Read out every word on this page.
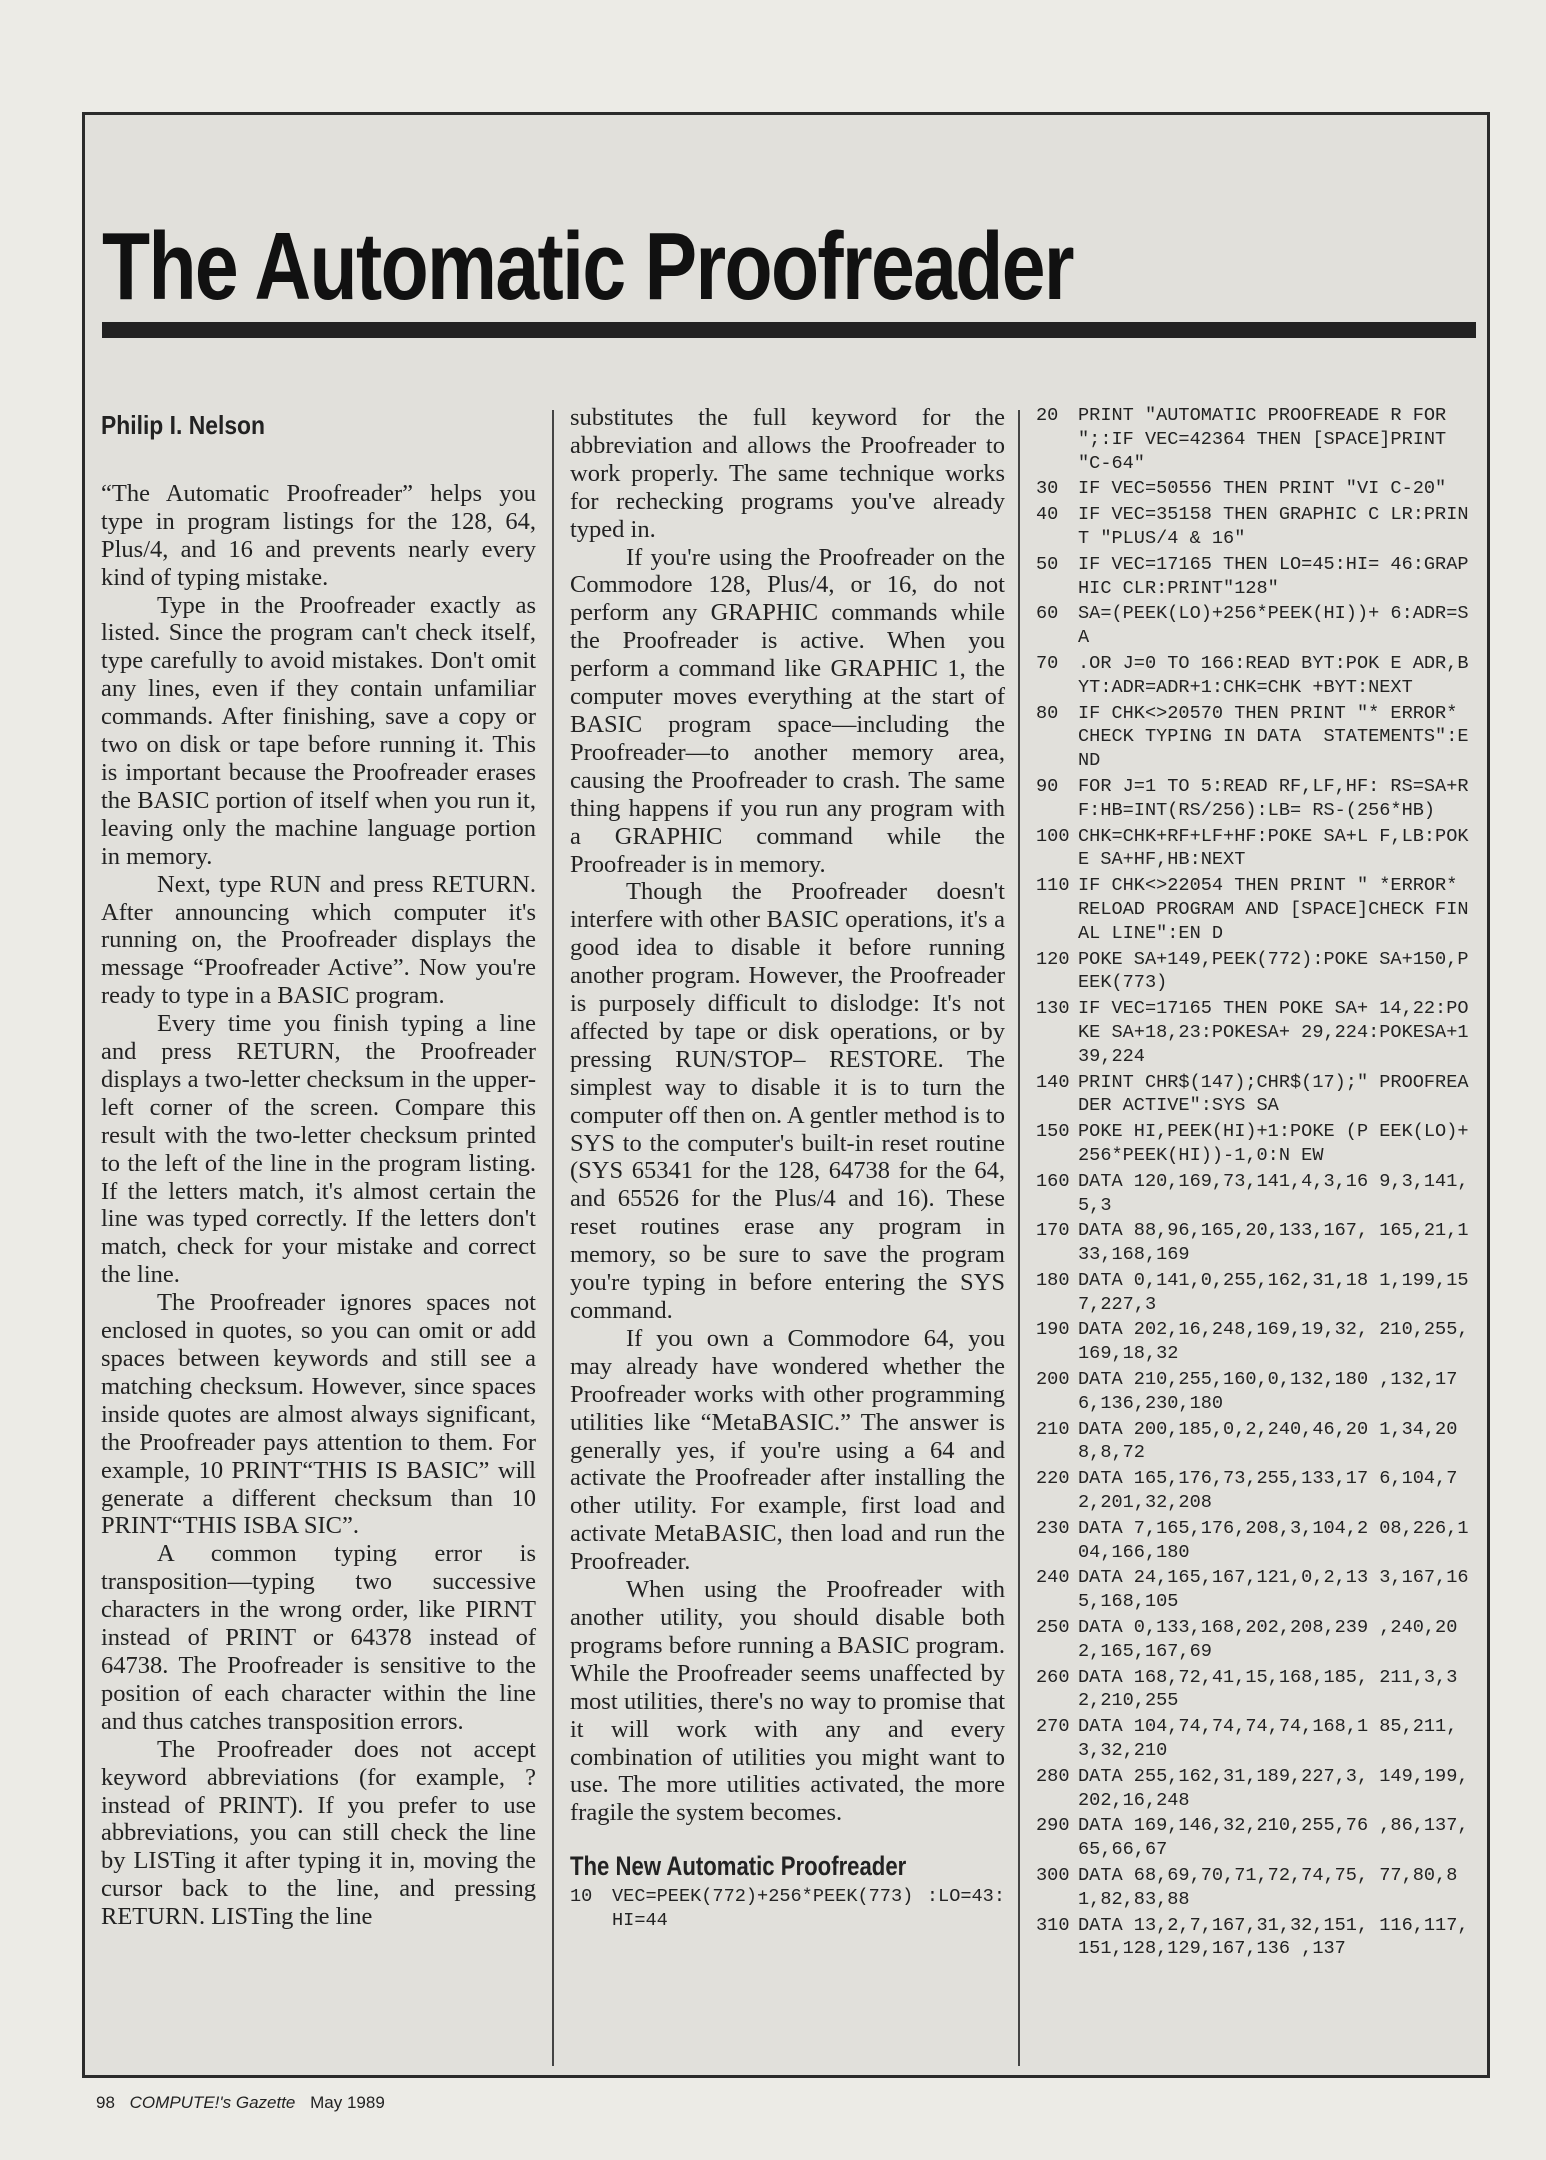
The Automatic Proofreader
Philip I. Nelson

“The Automatic Proofreader” helps you type in program listings for the 128, 64, Plus/4, and 16 and prevents nearly every kind of typing mistake.

Type in the Proofreader exactly as listed. Since the program can't check itself, type carefully to avoid mistakes. Don't omit any lines, even if they contain unfamiliar commands. After finishing, save a copy or two on disk or tape before running it. This is important because the Proofreader erases the BASIC portion of itself when you run it, leaving only the machine language portion in memory.

Next, type RUN and press RETURN. After announcing which computer it's running on, the Proofreader displays the message “Proofreader Active”. Now you're ready to type in a BASIC program.

Every time you finish typing a line and press RETURN, the Proofreader displays a two-letter checksum in the upper-left corner of the screen. Compare this result with the two-letter checksum printed to the left of the line in the program listing. If the letters match, it's almost certain the line was typed correctly. If the letters don't match, check for your mistake and correct the line.

The Proofreader ignores spaces not enclosed in quotes, so you can omit or add spaces between keywords and still see a matching checksum. However, since spaces inside quotes are almost always significant, the Proofreader pays attention to them. For example, 10 PRINT“THIS IS BASIC” will generate a different checksum than 10 PRINT“THIS ISBA SIC”.

A common typing error is transposition—typing two successive characters in the wrong order, like PIRNT instead of PRINT or 64378 instead of 64738. The Proofreader is sensitive to the position of each character within the line and thus catches transposition errors.

The Proofreader does not accept keyword abbreviations (for example, ? instead of PRINT). If you prefer to use abbreviations, you can still check the line by LISTing it after typing it in, moving the cursor back to the line, and pressing RETURN. LISTing the line

substitutes the full keyword for the abbreviation and allows the Proofreader to work properly. The same technique works for rechecking programs you've already typed in.

If you're using the Proofreader on the Commodore 128, Plus/4, or 16, do not perform any GRAPHIC commands while the Proofreader is active. When you perform a command like GRAPHIC 1, the computer moves everything at the start of BASIC program space—including the Proofreader—to another memory area, causing the Proofreader to crash. The same thing happens if you run any program with a GRAPHIC command while the Proofreader is in memory.

Though the Proofreader doesn't interfere with other BASIC operations, it's a good idea to disable it before running another program. However, the Proofreader is purposely difficult to dislodge: It's not affected by tape or disk operations, or by pressing RUN/STOP– RESTORE. The simplest way to disable it is to turn the computer off then on. A gentler method is to SYS to the computer's built-in reset routine (SYS 65341 for the 128, 64738 for the 64, and 65526 for the Plus/4 and 16). These reset routines erase any program in memory, so be sure to save the program you're typing in before entering the SYS command.

If you own a Commodore 64, you may already have wondered whether the Proofreader works with other programming utilities like “MetaBASIC.” The answer is generally yes, if you're using a 64 and activate the Proofreader after installing the other utility. For example, first load and activate MetaBASIC, then load and run the Proofreader.

When using the Proofreader with another utility, you should disable both programs before running a BASIC program. While the Proofreader seems unaffected by most utilities, there's no way to promise that it will work with any and every combination of utilities you might want to use. The more utilities activated, the more fragile the system becomes.

The New Automatic Proofreader
10	VEC=PEEK(772)+256*PEEK(773) :LO=43:HI=44
20	PRINT "AUTOMATIC PROOFREADE R FOR ";:IF VEC=42364 THEN [SPACE]PRINT "C-64"
30	IF VEC=50556 THEN PRINT "VI C-20"
40	IF VEC=35158 THEN GRAPHIC C LR:PRINT "PLUS/4 & 16"
50	IF VEC=17165 THEN LO=45:HI= 46:GRAPHIC CLR:PRINT"128"
60	SA=(PEEK(LO)+256*PEEK(HI))+ 6:ADR=SA
70	.OR J=0 TO 166:READ BYT:POK E ADR,BYT:ADR=ADR+1:CHK=CHK +BYT:NEXT
80	IF CHK<>20570 THEN PRINT "* ERROR* CHECK TYPING IN DATA  STATEMENTS":END
90	FOR J=1 TO 5:READ RF,LF,HF: RS=SA+RF:HB=INT(RS/256):LB= RS-(256*HB)
100 CHK=CHK+RF+LF+HF:POKE SA+L F,LB:POKE SA+HF,HB:NEXT
110 IF CHK<>22054 THEN PRINT " *ERROR* RELOAD PROGRAM AND [SPACE]CHECK FINAL LINE":EN D
120 POKE SA+149,PEEK(772):POKE SA+150,PEEK(773)
130 IF VEC=17165 THEN POKE SA+ 14,22:POKE SA+18,23:POKESA+ 29,224:POKESA+139,224
140 PRINT CHR$(147);CHR$(17);" PROOFREADER ACTIVE":SYS SA
150 POKE HI,PEEK(HI)+1:POKE (P EEK(LO)+256*PEEK(HI))-1,0:N EW
160 DATA 120,169,73,141,4,3,16 9,3,141,5,3
170 DATA 88,96,165,20,133,167, 165,21,133,168,169
180 DATA 0,141,0,255,162,31,18 1,199,157,227,3
190 DATA 202,16,248,169,19,32, 210,255,169,18,32
200 DATA 210,255,160,0,132,180 ,132,176,136,230,180
210 DATA 200,185,0,2,240,46,20 1,34,208,8,72
220 DATA 165,176,73,255,133,17 6,104,72,201,32,208
230 DATA 7,165,176,208,3,104,2 08,226,104,166,180
240 DATA 24,165,167,121,0,2,13 3,167,165,168,105
250 DATA 0,133,168,202,208,239 ,240,202,165,167,69
260 DATA 168,72,41,15,168,185, 211,3,32,210,255
270 DATA 104,74,74,74,74,168,1 85,211,3,32,210
280 DATA 255,162,31,189,227,3, 149,199,202,16,248
290 DATA 169,146,32,210,255,76 ,86,137,65,66,67
300 DATA 68,69,70,71,72,74,75, 77,80,81,82,83,88
310 DATA 13,2,7,167,31,32,151, 116,117,151,128,129,167,136 ,137
98 COMPUTE!'s Gazette May 1989
